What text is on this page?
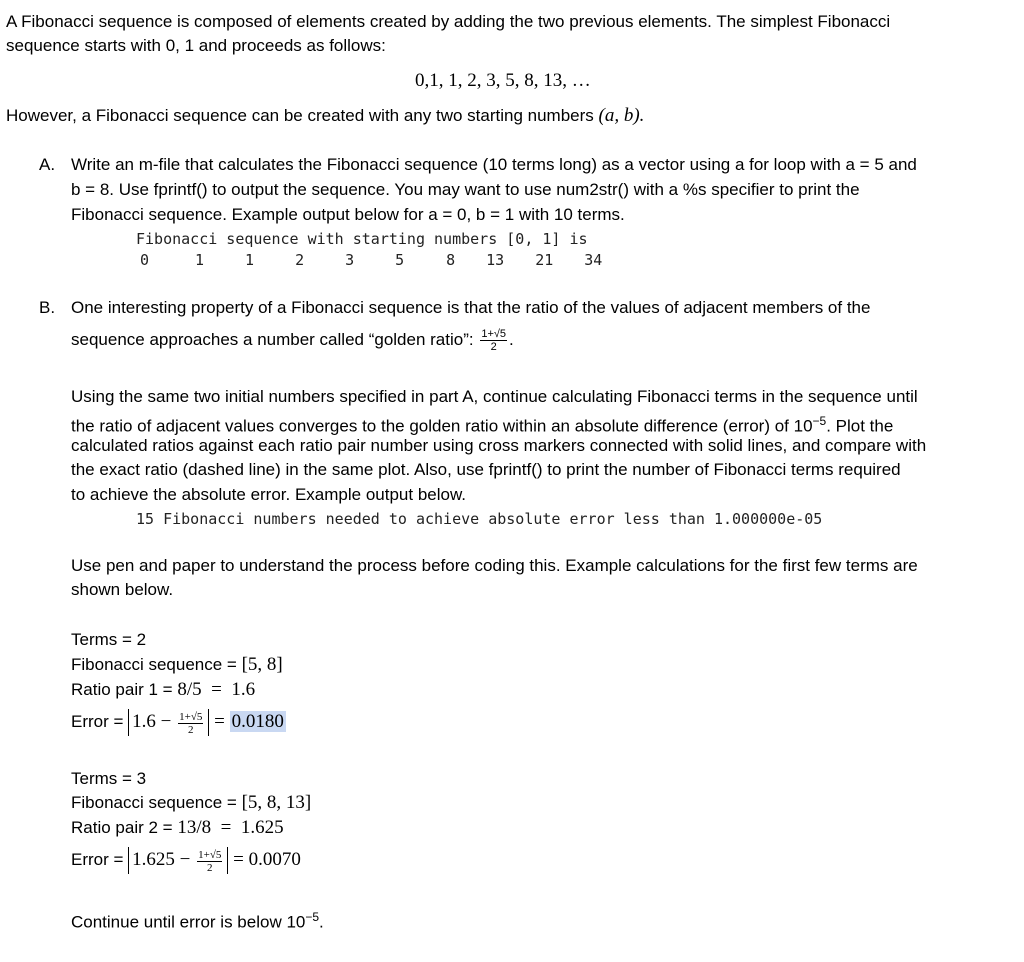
A Fibonacci sequence is composed of elements created by adding the two previous elements. The simplest Fibonacci
sequence starts with 0, 1 and proceeds as follows:
0,1, 1, 2, 3, 5, 8, 13, …
However, a Fibonacci sequence can be created with any two starting numbers (a, b).
A. Write an m-file that calculates the Fibonacci sequence (10 terms long) as a vector using a for loop with a = 5 and
b = 8. Use fprintf() to output the sequence. You may want to use num2str() with a %s specifier to print the
Fibonacci sequence. Example output below for a = 0, b = 1 with 10 terms.
Fibonacci sequence with starting numbers [0, 1] is
0	1	1	2	3	5	8 13 21 34
B. One interesting property of a Fibonacci sequence is that the ratio of the values of adjacent members of the
sequence approaches a number called “golden ratio”: $\frac{1+√5}{2}$ .
Using the same two initial numbers specified in part A, continue calculating Fibonacci terms in the sequence until
the ratio of adjacent values converges to the golden ratio within an absolute difference (error) of $10^{-5}$. Plot the
calculated ratios against each ratio pair number using cross markers connected with solid lines, and compare with
the exact ratio (dashed line) in the same plot. Also, use fprintf() to print the number of Fibonacci terms required
to achieve the absolute error. Example output below.
15 Fibonacci numbers needed to achieve absolute error less than 1.000000e-05
Use pen and paper to understand the process before coding this. Example calculations for the first few terms are
shown below.
Terms = 2
Fibonacci sequence = [5, 8]
Ratio pair 1 = 8/5  =  1.6
Error = $1.6 - \frac{1+√5}{2} = 0.0180$
Terms = 3
Fibonacci sequence = [5, 8, 13]
Ratio pair 2 = 13/8  =  1.625
Error = $1.625 - \frac{1+√5}{2} = 0.0070$
Continue until error is below $10^{-5}$.
